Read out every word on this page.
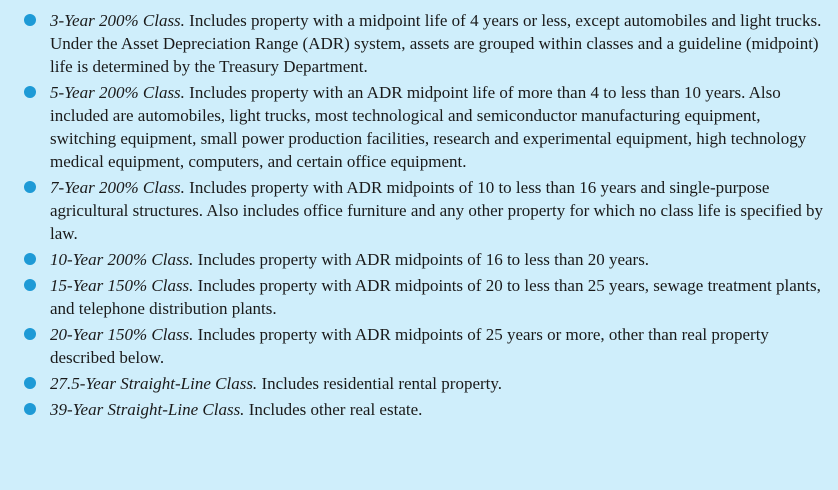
3-Year 200% Class. Includes property with a midpoint life of 4 years or less, except automobiles and light trucks. Under the Asset Depreciation Range (ADR) system, assets are grouped within classes and a guideline (midpoint) life is determined by the Treasury Department.
5-Year 200% Class. Includes property with an ADR midpoint life of more than 4 to less than 10 years. Also included are automobiles, light trucks, most technological and semiconductor manufacturing equipment, switching equipment, small power production facilities, research and experimental equipment, high technology medical equipment, computers, and certain office equipment.
7-Year 200% Class. Includes property with ADR midpoints of 10 to less than 16 years and single-purpose agricultural structures. Also includes office furniture and any other property for which no class life is specified by law.
10-Year 200% Class. Includes property with ADR midpoints of 16 to less than 20 years.
15-Year 150% Class. Includes property with ADR midpoints of 20 to less than 25 years, sewage treatment plants, and telephone distribution plants.
20-Year 150% Class. Includes property with ADR midpoints of 25 years or more, other than real property described below.
27.5-Year Straight-Line Class. Includes residential rental property.
39-Year Straight-Line Class. Includes other real estate.
